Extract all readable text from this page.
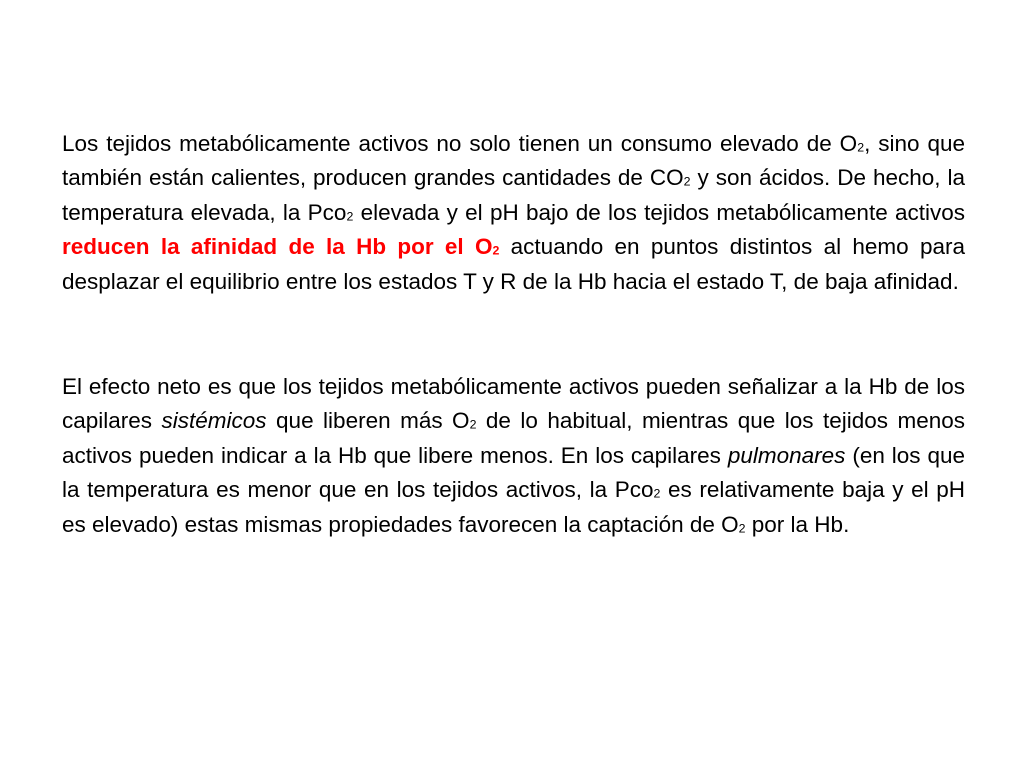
Los tejidos metabólicamente activos no solo tienen un consumo elevado de O2, sino que también están calientes, producen grandes cantidades de CO2 y son ácidos. De hecho, la temperatura elevada, la Pco2 elevada y el pH bajo de los tejidos metabólicamente activos reducen la afinidad de la Hb por el O2 actuando en puntos distintos al hemo para desplazar el equilibrio entre los estados T y R de la Hb hacia el estado T, de baja afinidad.

El efecto neto es que los tejidos metabólicamente activos pueden señalizar a la Hb de los capilares sistémicos que liberen más O2 de lo habitual, mientras que los tejidos menos activos pueden indicar a la Hb que libere menos. En los capilares pulmonares (en los que la temperatura es menor que en los tejidos activos, la Pco2 es relativamente baja y el pH es elevado) estas mismas propiedades favorecen la captación de O2 por la Hb.
